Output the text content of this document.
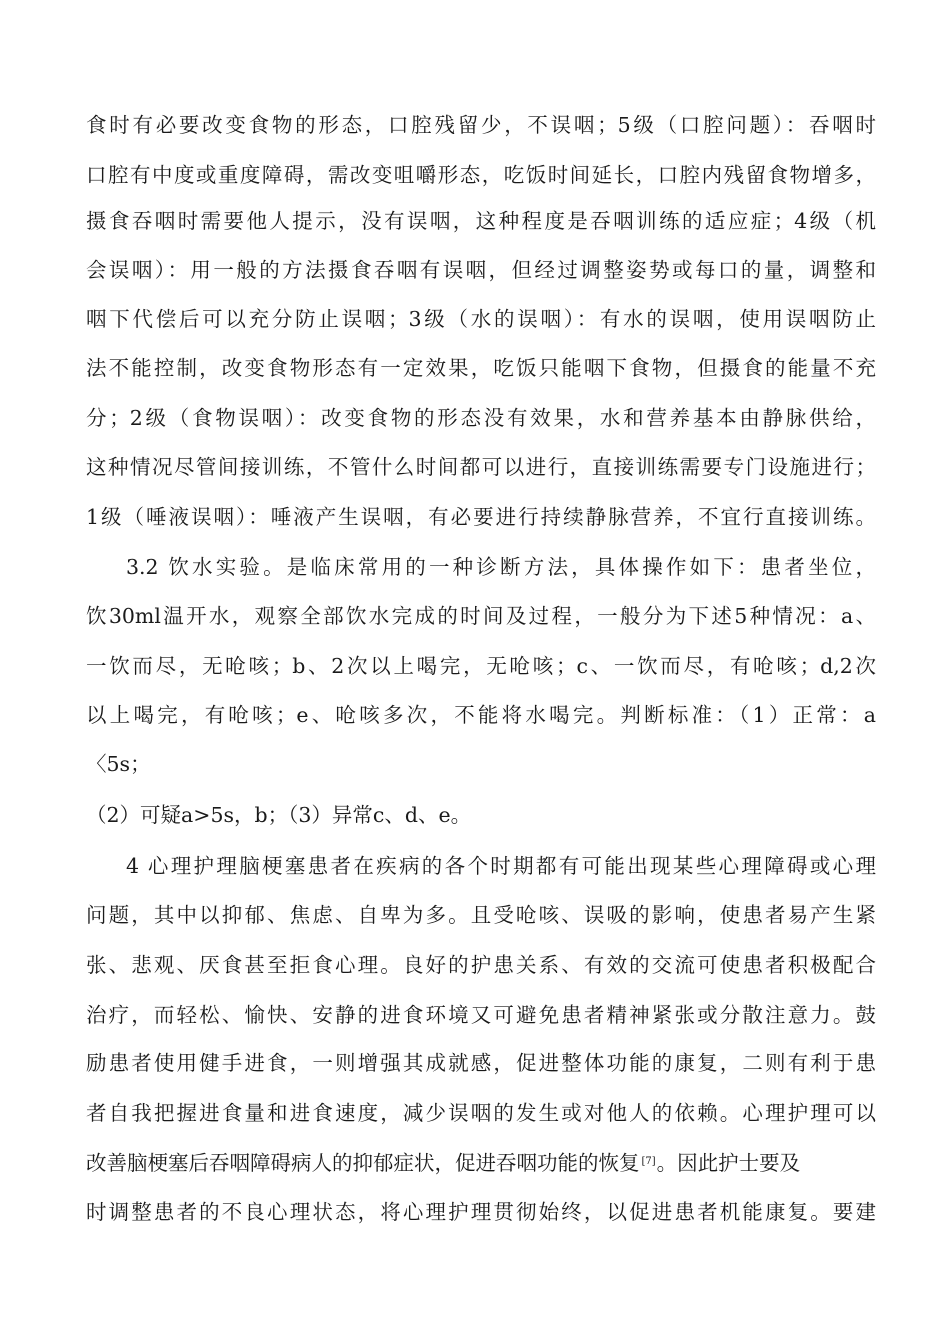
食时有必要改变食物的形态，口腔残留少，不误咽；5级（口腔问题）：吞咽时

口腔有中度或重度障碍，需改变咀嚼形态，吃饭时间延长，口腔内残留食物增多，

摄食吞咽时需要他人提示，没有误咽，这种程度是吞咽训练的适应症；4级（机

会误咽）：用一般的方法摄食吞咽有误咽，但经过调整姿势或每口的量，调整和

咽下代偿后可以充分防止误咽；3级（水的误咽）：有水的误咽，使用误咽防止

法不能控制，改变食物形态有一定效果，吃饭只能咽下食物，但摄食的能量不充

分；2级（食物误咽）：改变食物的形态没有效果，水和营养基本由静脉供给，

这种情况尽管间接训练，不管什么时间都可以进行，直接训练需要专门设施进行；

1级（唾液误咽）：唾液产生误咽，有必要进行持续静脉营养，不宜行直接训练。

3.2 饮水实验。是临床常用的一种诊断方法，具体操作如下：患者坐位，

饮30ml温开水，观察全部饮水完成的时间及过程，一般分为下述5种情况：a、

一饮而尽，无呛咳；b、2次以上喝完，无呛咳；c、一饮而尽，有呛咳；d,2次

以上喝完，有呛咳；e、呛咳多次，不能将水喝完。判断标准：（1）正常：a

〈5s；

（2）可疑a>5s，b；（3）异常c、d、e。

4 心理护理脑梗塞患者在疾病的各个时期都有可能出现某些心理障碍或心理

问题，其中以抑郁、焦虑、自卑为多。且受呛咳、误吸的影响，使患者易产生紧

张、悲观、厌食甚至拒食心理。良好的护患关系、有效的交流可使患者积极配合

治疗，而轻松、愉快、安静的进食环境又可避免患者精神紧张或分散注意力。鼓

励患者使用健手进食，一则增强其成就感，促进整体功能的康复，二则有利于患

者自我把握进食量和进食速度，减少误咽的发生或对他人的依赖。心理护理可以

改善脑梗塞后吞咽障碍病人的抑郁症状，促进吞咽功能的恢复 [7]。因此护士要及

时调整患者的不良心理状态，将心理护理贯彻始终，以促进患者机能康复。要建
